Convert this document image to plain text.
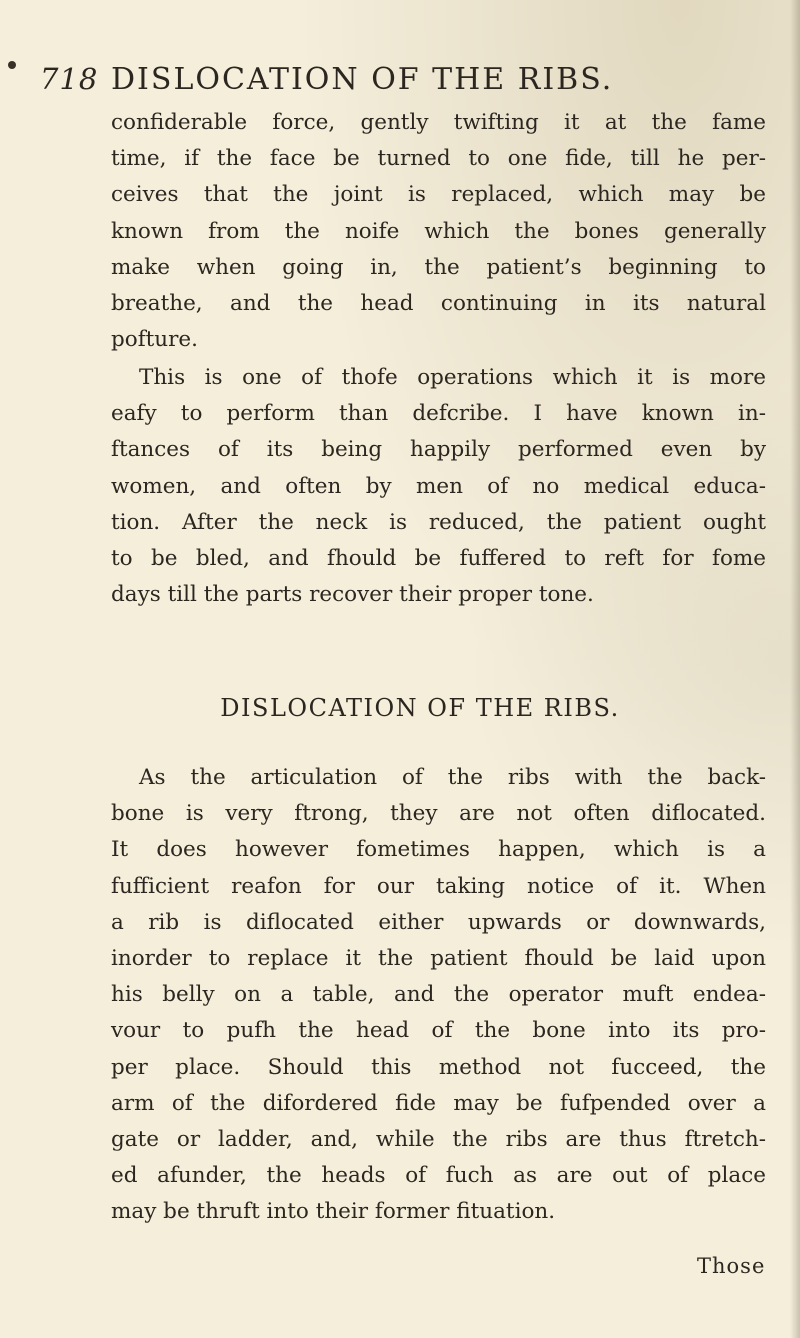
718 DISLOCATION OF THE RIBS.
confiderable force, gently twifting it at the fame
time, if the face be turned to one fide, till he per-
ceives that the joint is replaced, which may be
known from the noife which the bones generally
make when going in, the patient’s beginning to
breathe, and the head continuing in its natural
pofture.
This is one of thofe operations which it is more
eafy to perform than defcribe. I have known in-
ftances of its being happily performed even by
women, and often by men of no medical educa-
tion. After the neck is reduced, the patient ought
to be bled, and fhould be fuffered to reft for fome
days till the parts recover their proper tone.
DISLOCATION OF THE RIBS.
As the articulation of the ribs with the back-
bone is very ftrong, they are not often diflocated.
It does however fometimes happen, which is a
fufficient reafon for our taking notice of it. When
a rib is diflocated either upwards or downwards,
inorder to replace it the patient fhould be laid upon
his belly on a table, and the operator muft endea-
vour to pufh the head of the bone into its pro-
per place. Should this method not fucceed, the
arm of the difordered fide may be fufpended over a
gate or ladder, and, while the ribs are thus ftretch-
ed afunder, the heads of fuch as are out of place
may be thruft into their former fituation.
Those
